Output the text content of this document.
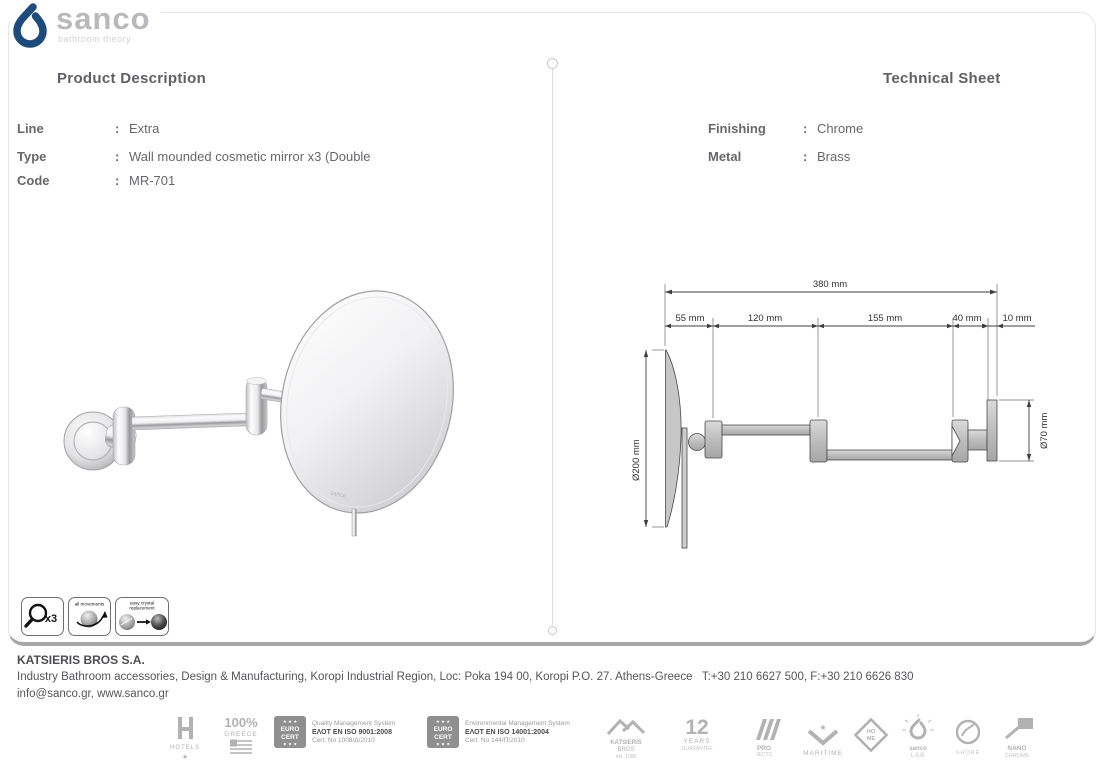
sanco
bathroom theory
Product Description	Technical Sheet
Line	: Extra
Type	: Wall mounded cosmetic mirror x3 (Double
Code	: MR-701
Finishing	: Chrome
Metal	: Brass
sanco
380 mm
55 mm	120 mm	155 mm	40 mm 10 mm
Ø200 mm
Ø70 mm
x3
all movements	easy crystal
replacement
KATSIERIS BROS S.A.
Industry Bathroom accessories, Design & Manufacturing, Koropi Industrial Region, Loc: Poka 194 00, Koropi P.O. 27. Athens-Greece   T:+30 210 6627 500, F:+30 210 6626 830
info@sanco.gr, www.sanco.gr
HOTELS
★
100%
GREECE
★ ★ ★
EURO
CERT
★ ★ ★
Quality Management System
ΕΛΟΤ EN ISO 9001:2008
Cert. No 1008/Δ/2010
★ ★ ★
EURO
CERT
★ ★ ★
Environmental Management System
ΕΛΟΤ EN ISO 14001:2004
Cert. No 144/Π/2010	KATSIERIS
BROS
est. 1980
12
YEARS
GUARANTEE	PRO
JECTS
★
MARITIME
HO
ME
sanco
LAB	SHORE
NANO
CHROME
